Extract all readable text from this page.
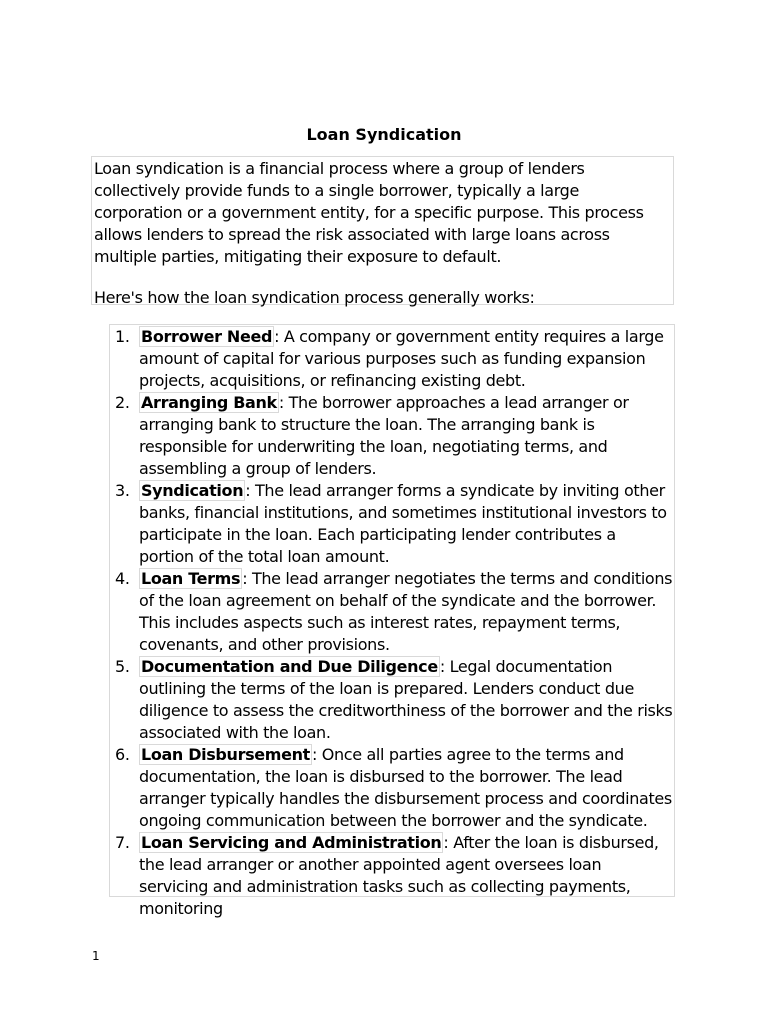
Loan Syndication

Loan syndication is a financial process where a group of lenders collectively provide funds to a single borrower, typically a large corporation or a government entity, for a specific purpose. This process allows lenders to spread the risk associated with large loans across multiple parties, mitigating their exposure to default.

Here's how the loan syndication process generally works:

1. Borrower Need : A company or government entity requires a large amount of capital for various purposes such as funding expansion projects, acquisitions, or refinancing existing debt.
2. Arranging Bank : The borrower approaches a lead arranger or arranging bank to structure the loan. The arranging bank is responsible for underwriting the loan, negotiating terms, and assembling a group of lenders.
3. Syndication : The lead arranger forms a syndicate by inviting other banks, financial institutions, and sometimes institutional investors to participate in the loan. Each participating lender contributes a portion of the total loan amount.
4. Loan Terms : The lead arranger negotiates the terms and conditions of the loan agreement on behalf of the syndicate and the borrower. This includes aspects such as interest rates, repayment terms, covenants, and other provisions.
5. Documentation and Due Diligence : Legal documentation outlining the terms of the loan is prepared. Lenders conduct due diligence to assess the creditworthiness of the borrower and the risks associated with the loan.
6. Loan Disbursement : Once all parties agree to the terms and documentation, the loan is disbursed to the borrower. The lead arranger typically handles the disbursement process and coordinates ongoing communication between the borrower and the syndicate.
7. Loan Servicing and Administration : After the loan is disbursed, the lead arranger or another appointed agent oversees loan servicing and administration tasks such as collecting payments, monitoring
1
